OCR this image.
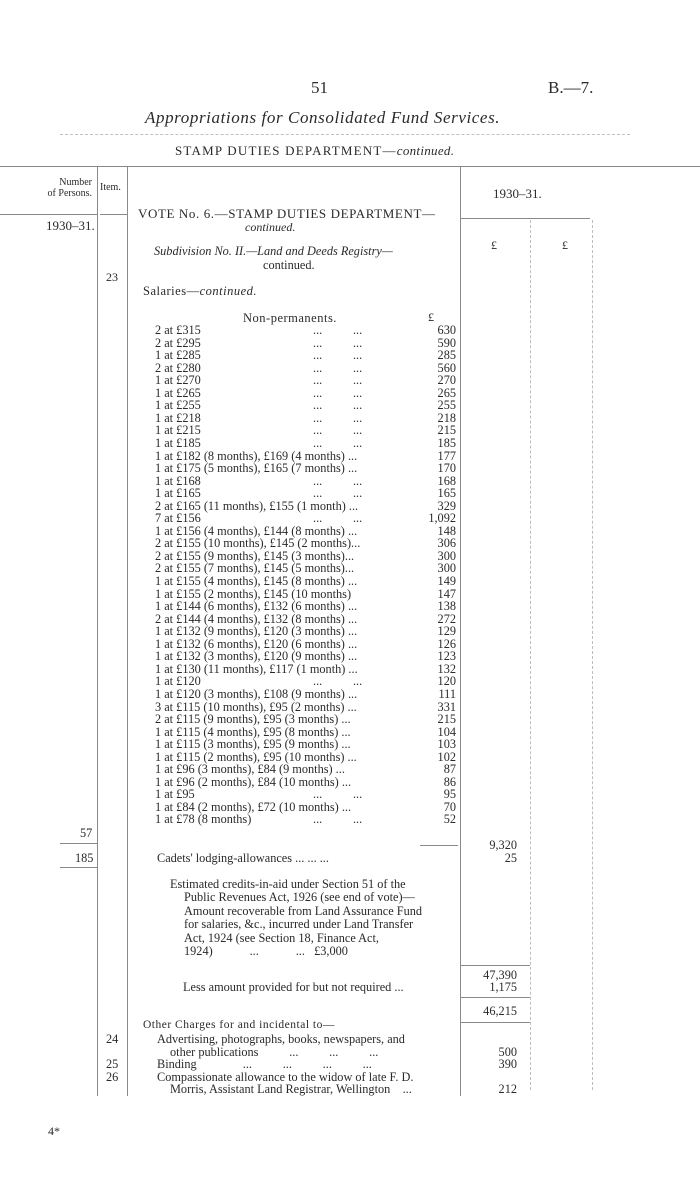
51	B.—7.
Appropriations for Consolidated Fund Services.
STAMP DUTIES DEPARTMENT—continued.
Number
of Persons.
Item.
1930–31.
1930–31.
£	£
VOTE No. 6.—STAMP DUTIES DEPARTMENT—
continued.
Subdivision No. II.—Land and Deeds Registry—
continued.
23
Salaries—continued.
Non-permanents.	£
2 at £315	...          ...	630
2 at £295	...          ...	590
1 at £285	...          ...	285
2 at £280	...          ...	560
1 at £270	...          ...	270
1 at £265	...          ...	265
1 at £255	...          ...	255
1 at £218	...          ...	218
1 at £215	...          ...	215
1 at £185	...          ...	185
1 at £182 (8 months), £169 (4 months) ...	177
1 at £175 (5 months), £165 (7 months) ...	170
1 at £168	...          ...	168
1 at £165	...          ...	165
2 at £165 (11 months), £155 (1 month) ...	329
7 at £156	...          ...	1,092
1 at £156 (4 months), £144 (8 months) ...	148
2 at £155 (10 months), £145 (2 months)...	306
2 at £155 (9 months), £145 (3 months)...	300
2 at £155 (7 months), £145 (5 months)...	300
1 at £155 (4 months), £145 (8 months) ...	149
1 at £155 (2 months), £145 (10 months)	147
1 at £144 (6 months), £132 (6 months) ...	138
2 at £144 (4 months), £132 (8 months) ...	272
1 at £132 (9 months), £120 (3 months) ...	129
1 at £132 (6 months), £120 (6 months) ...	126
1 at £132 (3 months), £120 (9 months) ...	123
1 at £130 (11 months), £117 (1 month) ...	132
1 at £120	...          ...	120
1 at £120 (3 months), £108 (9 months) ...	111
3 at £115 (10 months), £95 (2 months) ...	331
2 at £115 (9 months), £95 (3 months) ...	215
1 at £115 (4 months), £95 (8 months) ...	104
1 at £115 (3 months), £95 (9 months) ...	103
1 at £115 (2 months), £95 (10 months) ...	102
1 at £96 (3 months), £84 (9 months) ...	87
1 at £96 (2 months), £84 (10 months) ...	86
1 at £95	...          ...	95
1 at £84 (2 months), £72 (10 months) ...	70
1 at £78 (8 months)	...          ...	52
57
9,320
185	Cadets' lodging-allowances ... ... ...	25
Estimated credits-in-aid under Section 51 of the
Public Revenues Act, 1926 (see end of vote)—
Amount recoverable from Land Assurance Fund
for salaries, &c., incurred under Land Transfer
Act, 1924 (see Section 18, Finance Act,
1924)            ...            ...   £3,000
47,390
Less amount provided for but not required ...	1,175
46,215
Other Charges for and incidental to—
24	Advertising, photographs, books, newspapers, and
other publications          ...          ...          ...	500
25	Binding               ...          ...          ...          ...	390
26	Compassionate allowance to the widow of late F. D.
Morris, Assistant Land Registrar, Wellington    ...	212
4*
